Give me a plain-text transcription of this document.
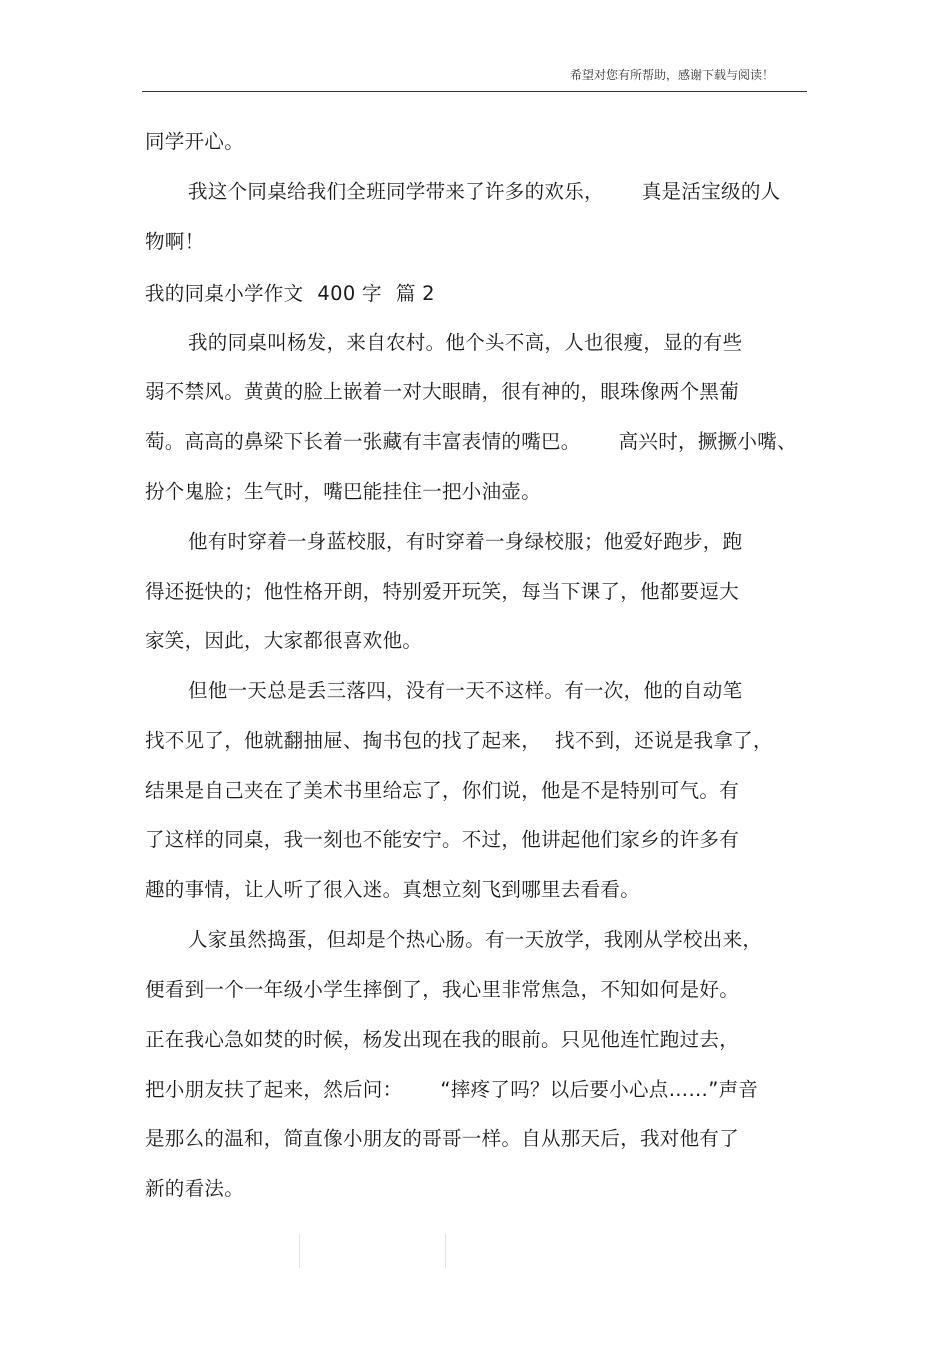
希望对您有所帮助，感谢下载与阅读！
同学开心。
我这个同桌给我们全班同学带来了许多的欢乐， 真是活宝级的人
物啊！
我的同桌小学作文 400 字 篇 2
我的同桌叫杨发，来自农村。他个头不高，人也很瘦，显的有些
弱不禁风。黄黄的脸上嵌着一对大眼睛，很有神的，眼珠像两个黑葡
萄。高高的鼻梁下长着一张藏有丰富表情的嘴巴。 高兴时，撅撅小嘴、
扮个鬼脸；生气时，嘴巴能挂住一把小油壶。
他有时穿着一身蓝校服，有时穿着一身绿校服；他爱好跑步，跑
得还挺快的；他性格开朗，特别爱开玩笑，每当下课了，他都要逗大
家笑，因此，大家都很喜欢他。
但他一天总是丢三落四，没有一天不这样。有一次，他的自动笔
找不见了，他就翻抽屉、掏书包的找了起来， 找不到，还说是我拿了，
结果是自己夹在了美术书里给忘了，你们说，他是不是特别可气。有
了这样的同桌，我一刻也不能安宁。不过，他讲起他们家乡的许多有
趣的事情，让人听了很入迷。真想立刻飞到哪里去看看。
人家虽然捣蛋，但却是个热心肠。有一天放学，我刚从学校出来，
便看到一个一年级小学生摔倒了，我心里非常焦急，不知如何是好。
正在我心急如焚的时候，杨发出现在我的眼前。只见他连忙跑过去，
把小朋友扶了起来，然后问： “摔疼了吗？以后要小心点……”声音
是那么的温和，简直像小朋友的哥哥一样。自从那天后，我对他有了
新的看法。
